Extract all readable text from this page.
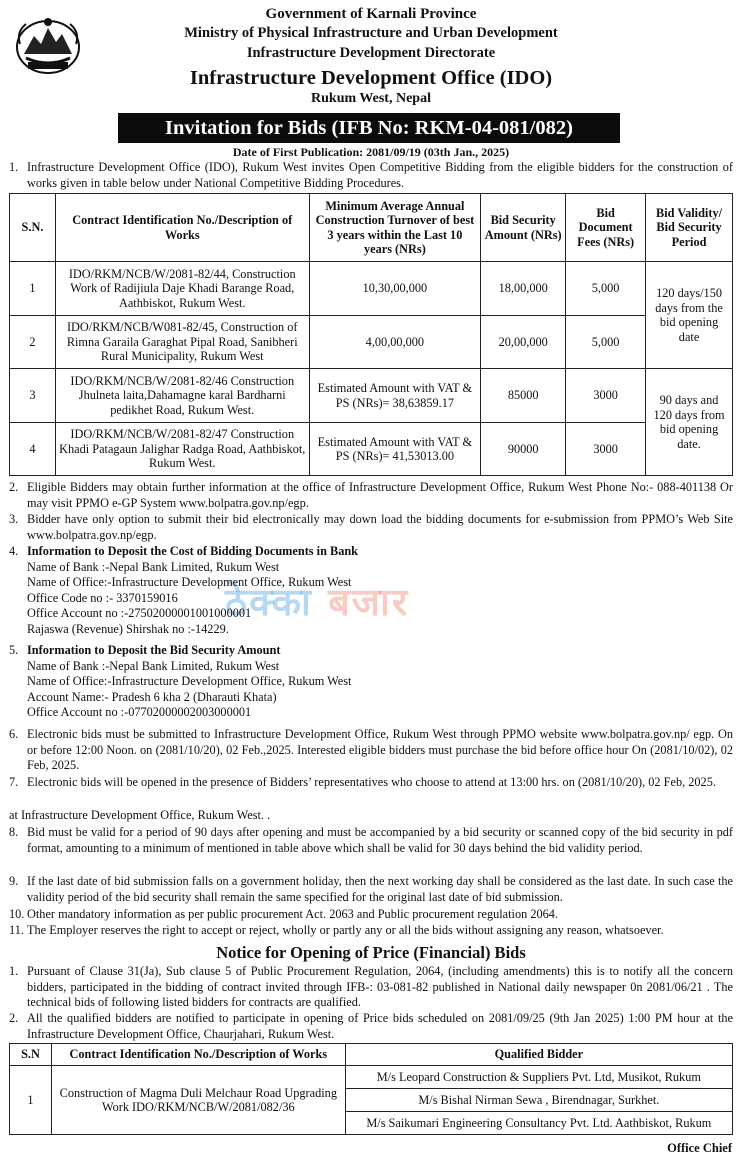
Government of Karnali Province
Ministry of Physical Infrastructure and Urban Development
Infrastructure Development Directorate
Infrastructure Development Office (IDO)
Rukum West, Nepal
Invitation for Bids (IFB No: RKM-04-081/082)
Date of First Publication: 2081/09/19 (03th Jan., 2025)
1. Infrastructure Development Office (IDO), Rukum West invites Open Competitive Bidding from the eligible bidders for the construction of works given in table below under National Competitive Bidding Procedures.
S.N.	Contract Identification No./Description of Works	Minimum Average Annual Construction Turnover of best 3 years within the Last 10 years (NRs)	Bid Security Amount (NRs)	Bid Document Fees (NRs)	Bid Validity/ Bid Security Period
1	IDO/RKM/NCB/W/2081-82/44, Construction Work of Radijiula Daje Khadi Barange Road, Aathbiskot, Rukum West.	10,30,00,000	18,00,000	5,000	120 days/150 days from the bid opening date
2	IDO/RKM/NCB/W081-82/45, Construction of Rimna Garaila Garaghat Pipal Road, Sanibheri Rural Municipality, Rukum West	4,00,00,000	20,00,000	5,000	
3	IDO/RKM/NCB/W/2081-82/46 Construction Jhulneta laita,Dahamagne karal Bardharni pedikhet Road, Rukum West.	Estimated Amount with VAT & PS (NRs)= 38,63859.17	85000	3000	90 days and 120 days from bid opening date.
4	IDO/RKM/NCB/W/2081-82/47 Construction Khadi Patagaun Jalighar Radga Road, Aathbiskot, Rukum West.	Estimated Amount with VAT & PS (NRs)= 41,53013.00	90000	3000	
2. Eligible Bidders may obtain further information at the office of Infrastructure Development Office, Rukum West Phone No:- 088-401138 Or may visit PPMO e-GP System www.bolpatra.gov.np/egp.
3. Bidder have only option to submit their bid electronically may down load the bidding documents for e-submission from PPMO’s Web Site www.bolpatra.gov.np/egp.
ठेक्का बजार
4. Information to Deposit the Cost of Bidding Documents in Bank
Name of Bank :-Nepal Bank Limited, Rukum West
Name of Office:-Infrastructure Development Office, Rukum West
Office Code no :- 3370159016
Office Account no :-27502000001001000001
Rajaswa (Revenue) Shirshak no :-14229.
5. Information to Deposit the Bid Security Amount
Name of Bank :-Nepal Bank Limited, Rukum West
Name of Office:-Infrastructure Development Office, Rukum West
Account Name:- Pradesh 6 kha 2 (Dharauti Khata)
Office Account no :-07702000002003000001
6. Electronic bids must be submitted to Infrastructure Development Office, Rukum West through PPMO website www.bolpatra.gov.np/ egp. On or before 12:00 Noon. on (2081/10/20), 02 Feb.,2025. Interested eligible bidders must purchase the bid before office hour On (2081/10/02), 02 Feb, 2025.
7. Electronic bids will be opened in the presence of Bidders’ representatives who choose to attend at 13:00 hrs. on (2081/10/20), 02 Feb, 2025.
at Infrastructure Development Office, Rukum West. .
8. Bid must be valid for a period of 90 days after opening and must be accompanied by a bid security or scanned copy of the bid security in pdf format, amounting to a minimum of mentioned in table above which shall be valid for 30 days behind the bid validity period.
9. If the last date of bid submission falls on a government holiday, then the next working day shall be considered as the last date. In such case the validity period of the bid security shall remain the same specified for the original last date of bid submission.
10. Other mandatory information as per public procurement Act. 2063 and Public procurement regulation 2064.
11. The Employer reserves the right to accept or reject, wholly or partly any or all the bids without assigning any reason, whatsoever.
Notice for Opening of Price (Financial) Bids
1. Pursuant of Clause 31(Ja), Sub clause 5 of Public Procurement Regulation, 2064, (including amendments) this is to notify all the concern bidders, participated in the bidding of contract invited through IFB-: 03-081-82 published in National daily newspaper 0n 2081/06/21 . The technical bids of following listed bidders for contracts are qualified.
2. All the qualified bidders are notified to participate in opening of Price bids scheduled on 2081/09/25 (9th Jan 2025) 1:00 PM hour at the Infrastructure Development Office, Chaurjahari, Rukum West.
S.N	Contract Identification No./Description of Works	Qualified Bidder
1	Construction of Magma Duli Melchaur Road Upgrading Work IDO/RKM/NCB/W/2081/082/36	M/s Leopard Construction & Suppliers Pvt. Ltd, Musikot, Rukum
		M/s Bishal Nirman Sewa , Birendnagar, Surkhet.
		M/s Saikumari Engineering Consultancy Pvt. Ltd. Aathbiskot, Rukum
Office Chief
